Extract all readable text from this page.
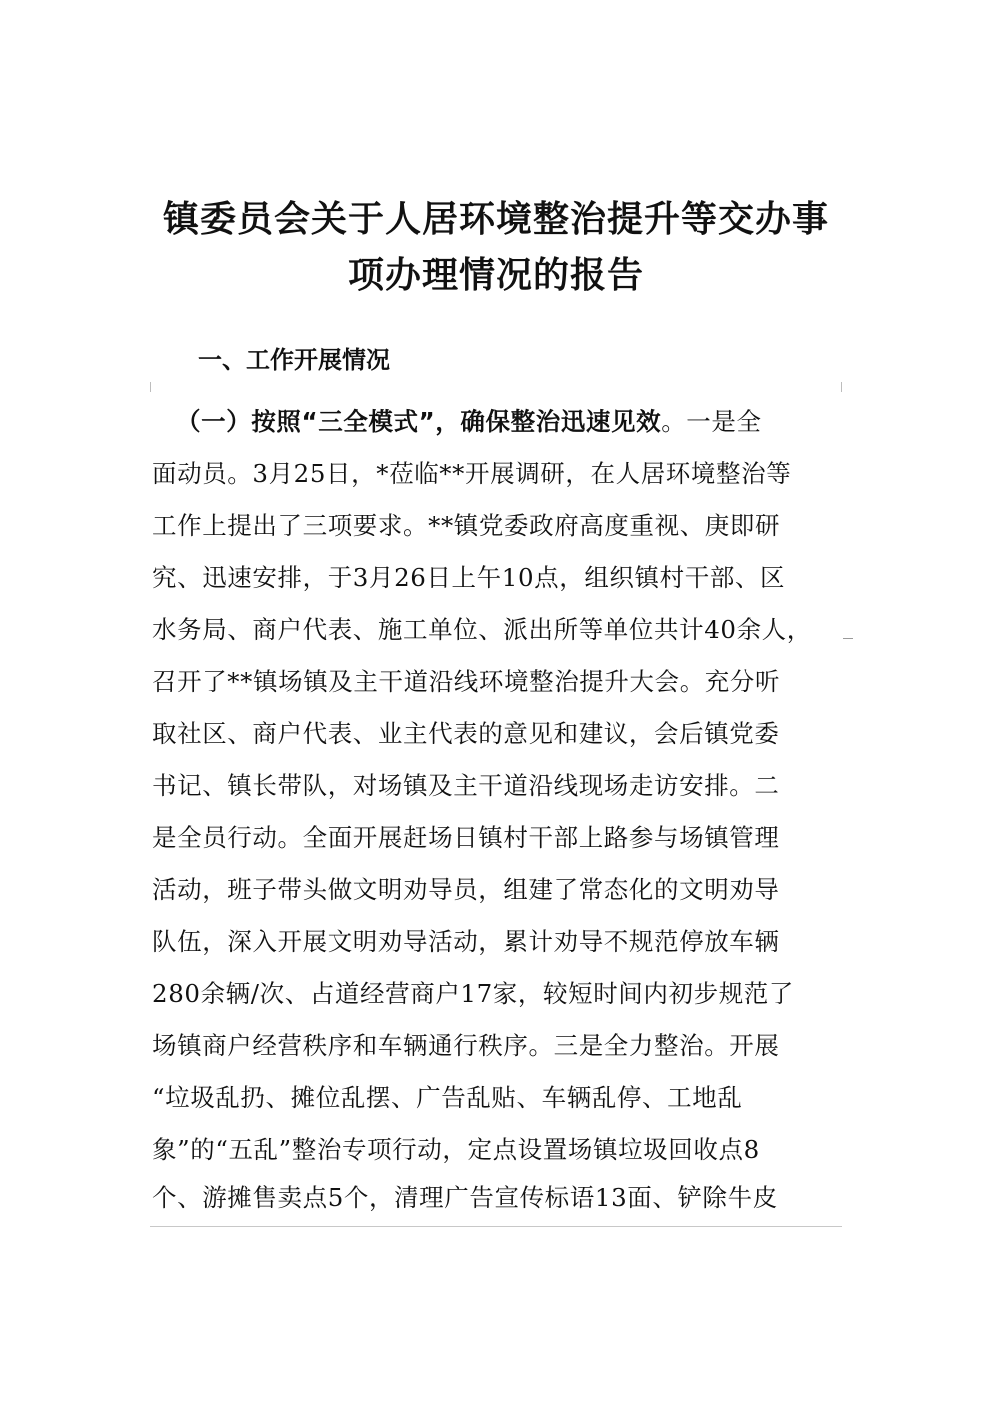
镇委员会关于人居环境整治提升等交办事
项办理情况的报告
一、工作开展情况
（一）按照“三全模式”，确保整治迅速见效。一是全
面动员。3月25日，*莅临**开展调研，在人居环境整治等
工作上提出了三项要求。**镇党委政府高度重视、庚即研
究、迅速安排，于3月26日上午10点，组织镇村干部、区
水务局、商户代表、施工单位、派出所等单位共计40余人，
召开了**镇场镇及主干道沿线环境整治提升大会。充分听
取社区、商户代表、业主代表的意见和建议，会后镇党委
书记、镇长带队，对场镇及主干道沿线现场走访安排。二
是全员行动。全面开展赶场日镇村干部上路参与场镇管理
活动，班子带头做文明劝导员，组建了常态化的文明劝导
队伍，深入开展文明劝导活动，累计劝导不规范停放车辆
280余辆/次、占道经营商户17家，较短时间内初步规范了
场镇商户经营秩序和车辆通行秩序。三是全力整治。开展
“垃圾乱扔、摊位乱摆、广告乱贴、车辆乱停、工地乱
象”的“五乱”整治专项行动，定点设置场镇垃圾回收点8
个、游摊售卖点5个，清理广告宣传标语13面、铲除牛皮
